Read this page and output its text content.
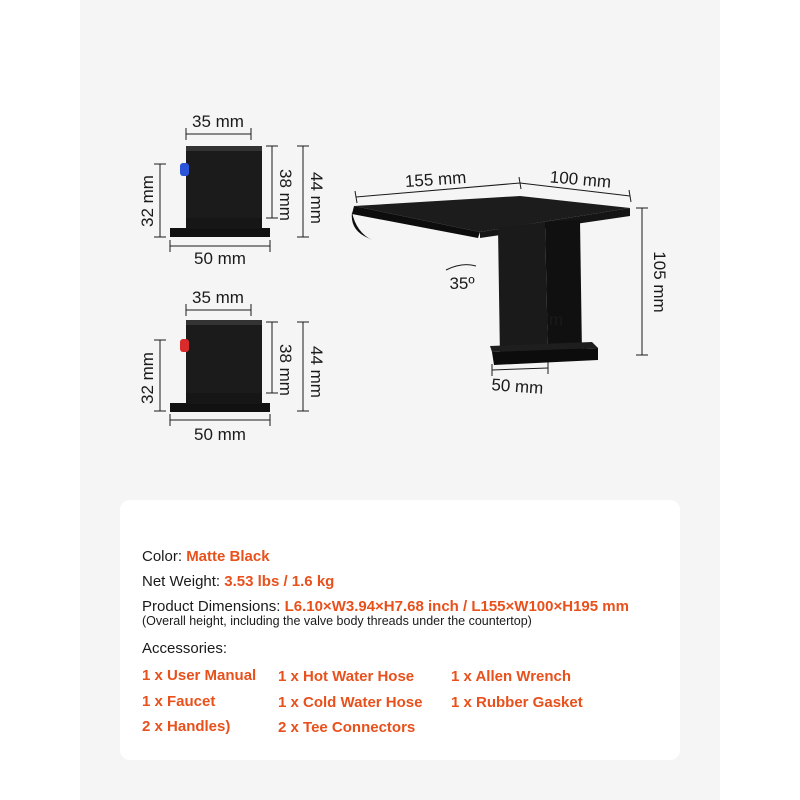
35 mm
38 mm 44 mm
32 mm
50 mm
35 mm
38 mm 44 mm
32 mm
50 mm
155 mm	100 mm
105 mm
35º
40 mm
50 mm
Color: Matte Black
Net Weight: 3.53 lbs / 1.6 kg
Product Dimensions: L6.10×W3.94×H7.68 inch / L155×W100×H195 mm
(Overall height, including the valve body threads under the countertop)
Accessories:
1 x User Manual
1 x Faucet
2 x Handles)
1 x Hot Water Hose
1 x Cold Water Hose
2 x Tee Connectors
1 x Allen Wrench
1 x Rubber Gasket
